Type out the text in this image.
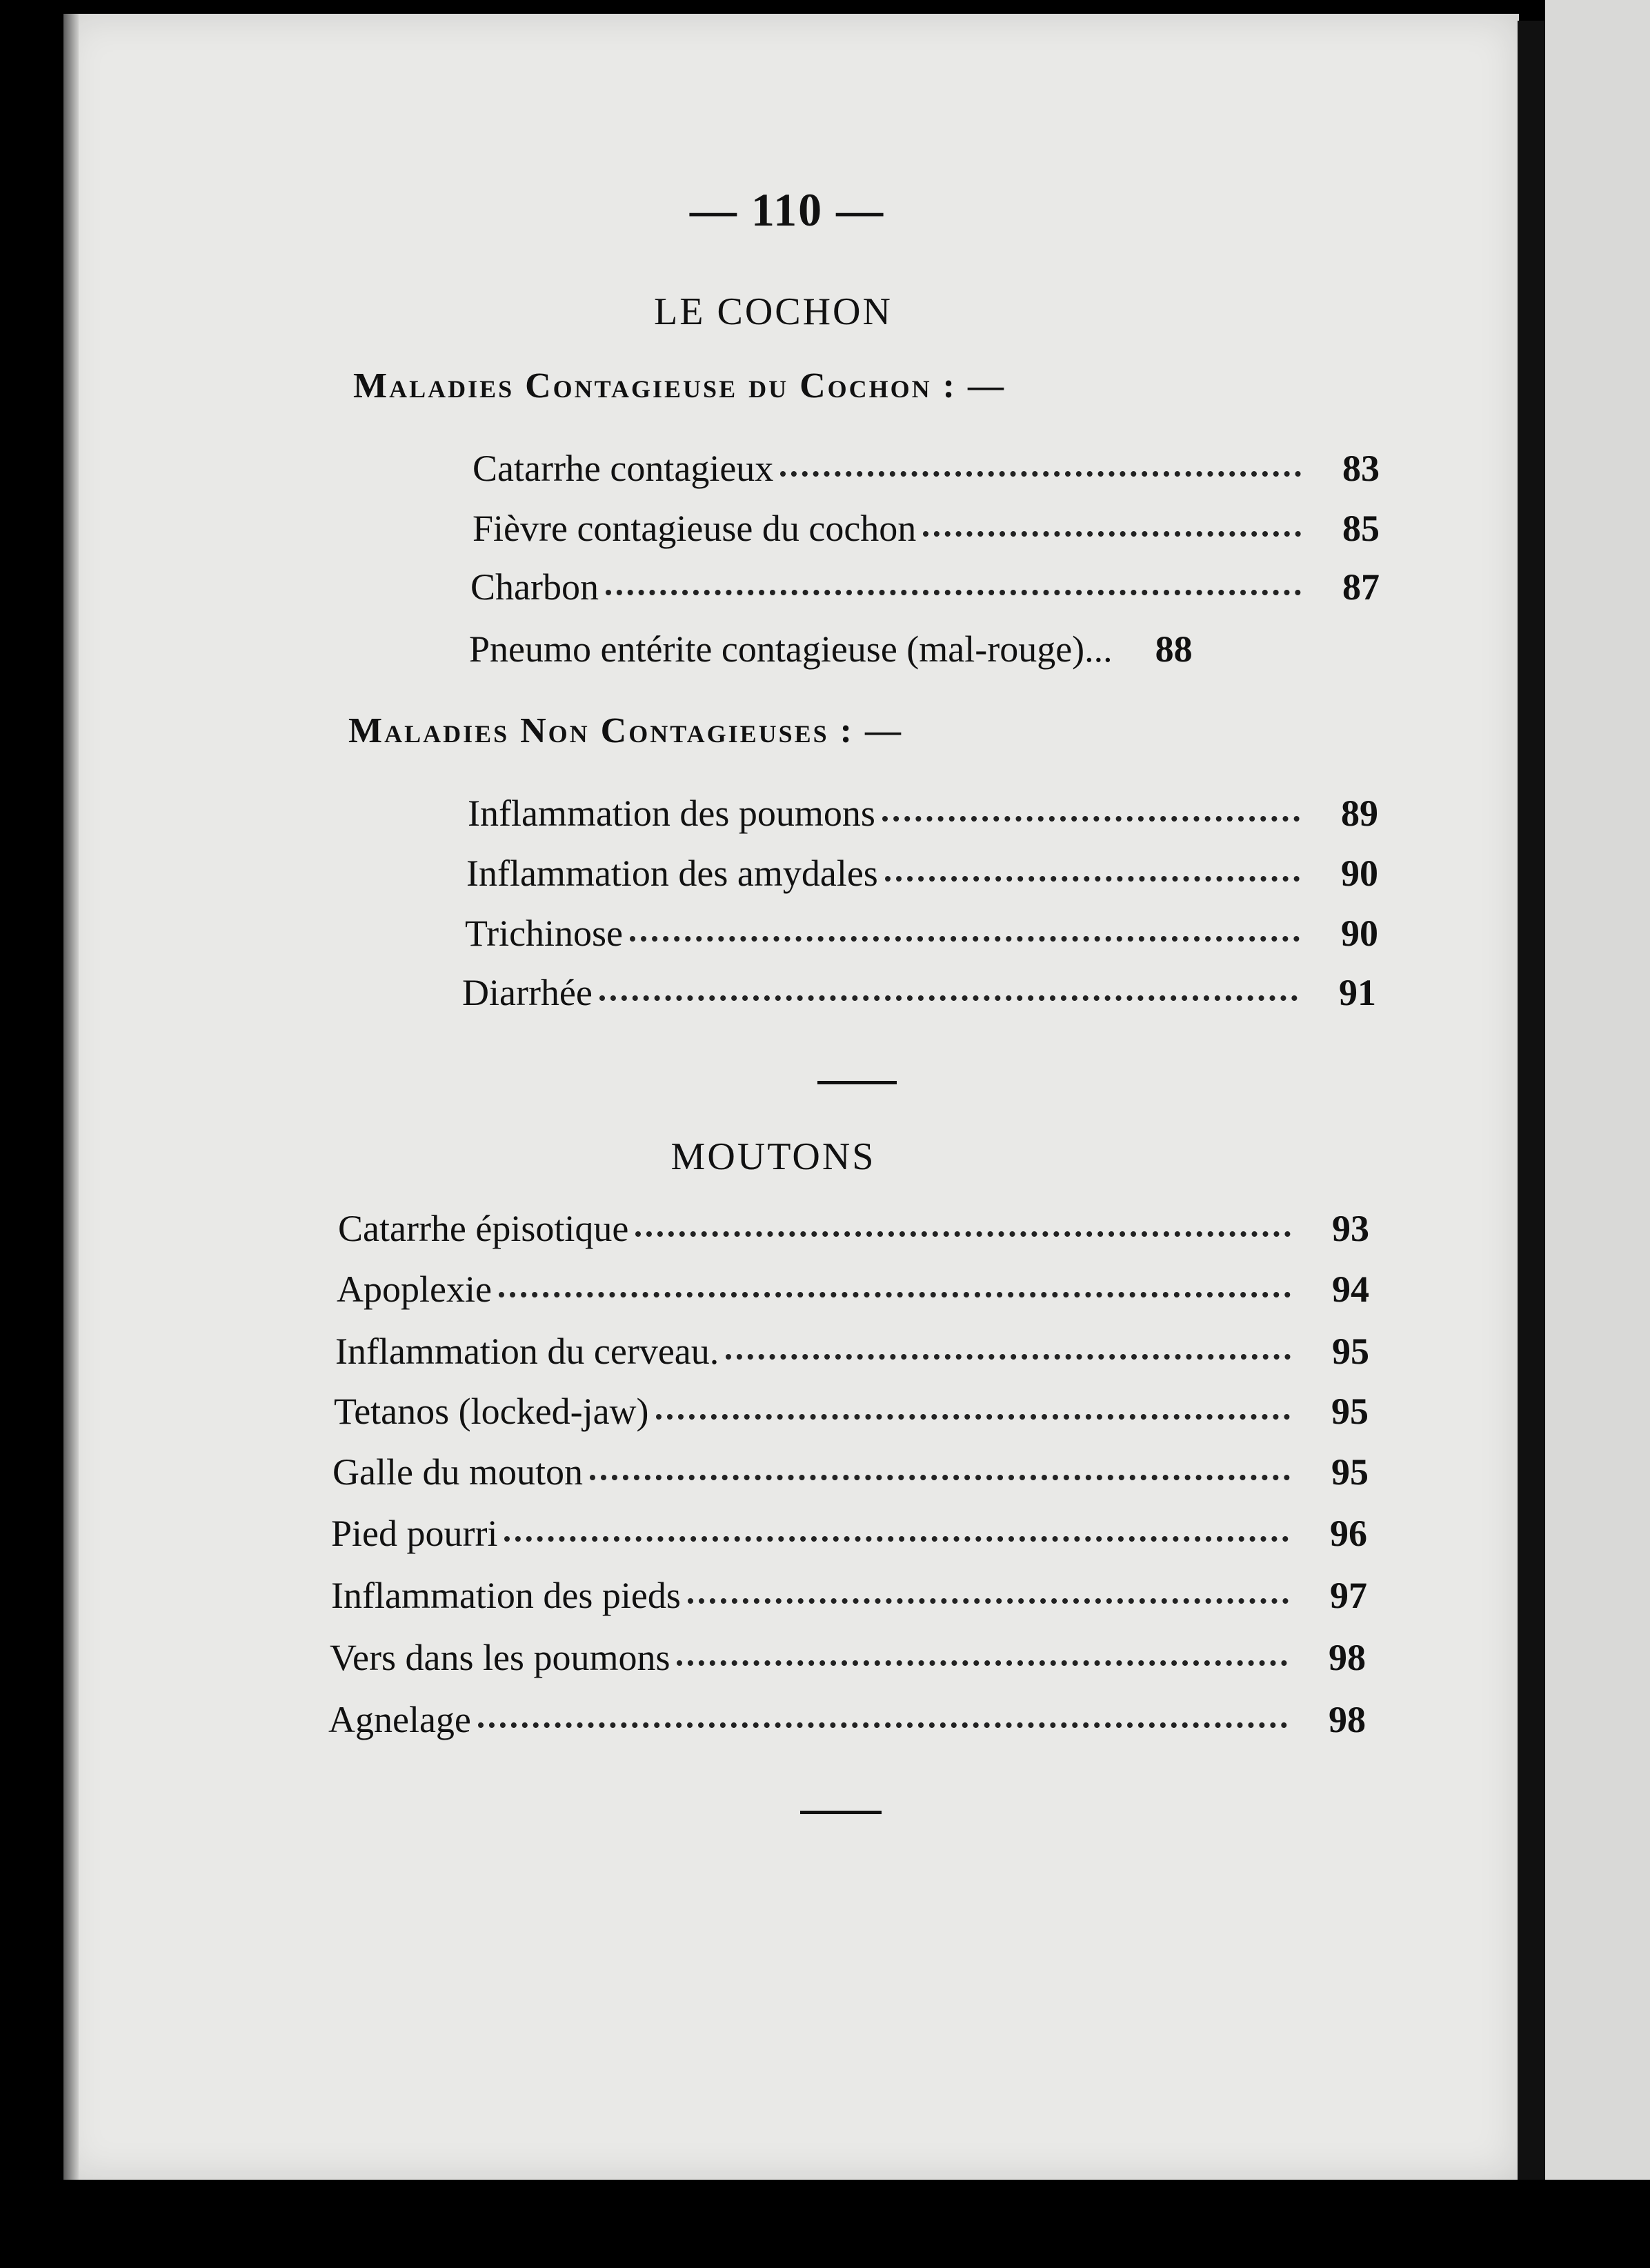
— 110 —
LE COCHON
Maladies Contagieuse du Cochon : —
Catarrhe contagieux	83
Fièvre contagieuse du cochon	85
Charbon	87
Pneumo entérite contagieuse (mal-rouge)...	88
Maladies Non Contagieuses : —
Inflammation des poumons	89
Inflammation des amydales	90
Trichinose	90
Diarrhée	91
MOUTONS
Catarrhe épisotique	93
Apoplexie	94
Inflammation du cerveau.	95
Tetanos (locked-jaw)	95
Galle du mouton	95
Pied pourri	96
Inflammation des pieds	97
Vers dans les poumons	98
Agnelage	98
